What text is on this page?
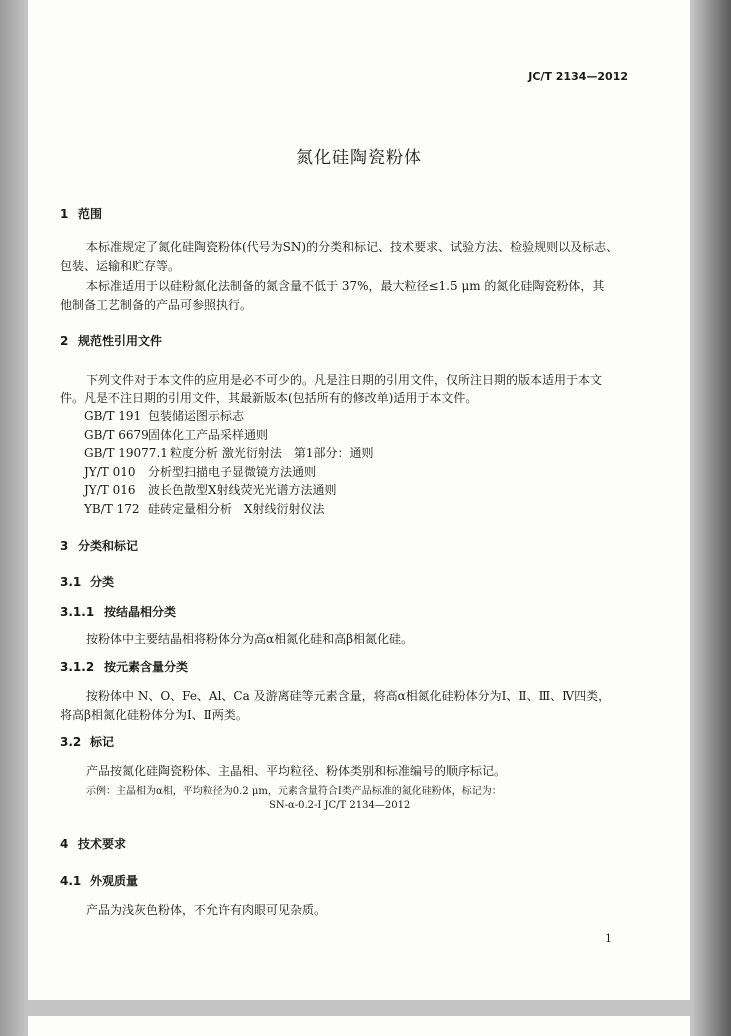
JC/T 2134—2012
氮化硅陶瓷粉体
1 范围
本标准规定了氮化硅陶瓷粉体(代号为SN)的分类和标记、技术要求、试验方法、检验规则以及标志、
包装、运输和贮存等。
本标准适用于以硅粉氮化法制备的氮含量不低于 37%，最大粒径≤1.5 μm 的氮化硅陶瓷粉体，其
他制备工艺制备的产品可参照执行。
2 规范性引用文件
下列文件对于本文件的应用是必不可少的。凡是注日期的引用文件，仅所注日期的版本适用于本文
件。凡是不注日期的引用文件，其最新版本(包括所有的修改单)适用于本文件。
GB/T 191 包装储运图示标志
GB/T 6679固体化工产品采样通则
GB/T 19077.1 粒度分析 激光衍射法　第1部分：通则
JY/T 010 分析型扫描电子显微镜方法通则
JY/T 016 波长色散型X射线荧光光谱方法通则
YB/T 172 硅砖定量相分析　X射线衍射仪法
3 分类和标记
3.1 分类
3.1.1 按结晶相分类
按粉体中主要结晶相将粉体分为高α相氮化硅和高β相氮化硅。
3.1.2 按元素含量分类
按粉体中 N、O、Fe、Al、Ca 及游离硅等元素含量，将高α相氮化硅粉体分为Ⅰ、Ⅱ、Ⅲ、Ⅳ四类，
将高β相氮化硅粉体分为Ⅰ、Ⅱ两类。
3.2 标记
产品按氮化硅陶瓷粉体、主晶相、平均粒径、粉体类别和标准编号的顺序标记。
示例：主晶相为α相，平均粒径为0.2 μm，元素含量符合Ⅰ类产品标准的氮化硅粉体，标记为：
SN-α-0.2-Ⅰ JC/T 2134—2012
4 技术要求
4.1 外观质量
产品为浅灰色粉体，不允许有肉眼可见杂质。
1
